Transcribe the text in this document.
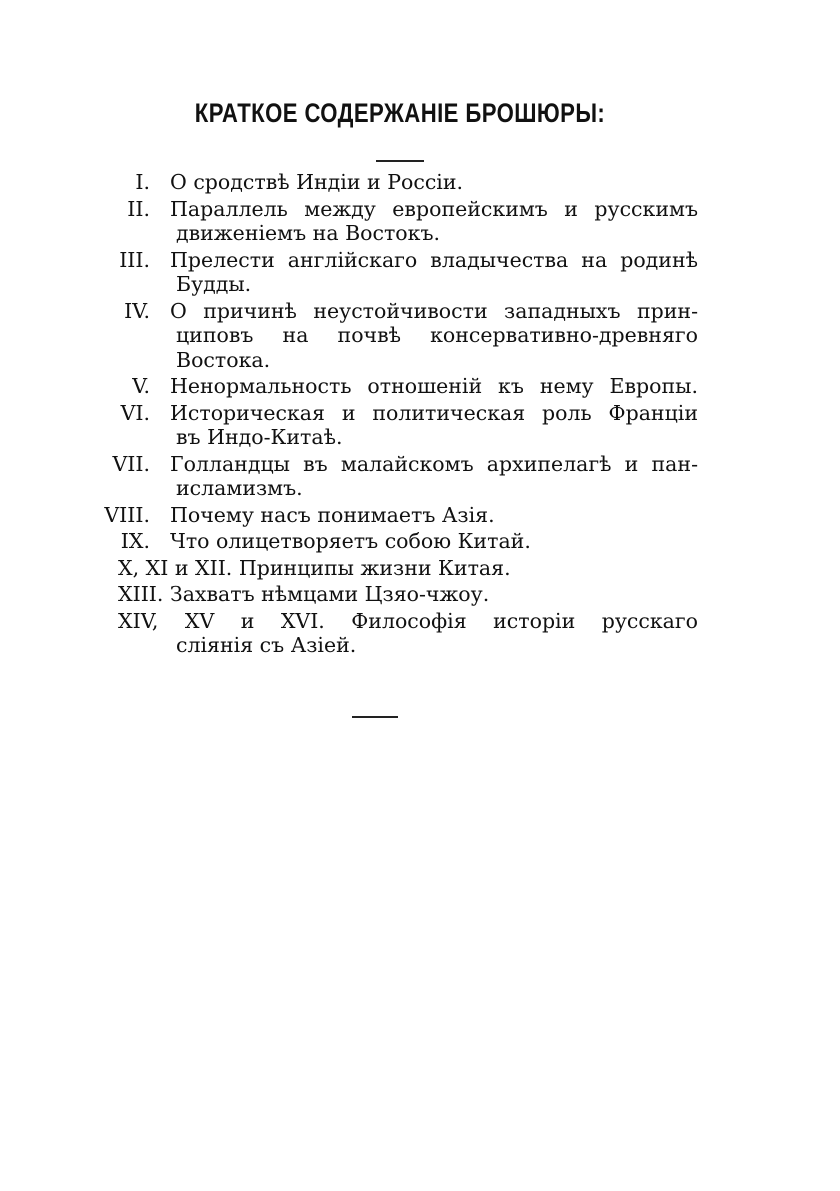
КРАТКОЕ СОДЕРЖАНІЕ БРОШЮРЫ:
I. О сродствѣ Индіи и Россіи.
II. Параллель между европейскимъ и русскимъ
движеніемъ на Востокъ.
III. Прелести англійскаго владычества на родинѣ
Будды.
IV. О причинѣ неустойчивости западныхъ прин-
циповъ на почвѣ консервативно-древняго
Востока.
V. Ненормальность отношеній къ нему Европы.
VI. Историческая и политическая роль Франціи
въ Индо-Китаѣ.
VII. Голландцы въ малайскомъ архипелагѣ и пан-
исламизмъ.
VIII. Почему насъ понимаетъ Азія.
IX. Что олицетворяетъ собою Китай.
X, XI и XII. Принципы жизни Китая.
XIII. Захватъ нѣмцами Цзяо-чжоу.
XIV, XV и XVI. Философія исторіи русскаго
слiянія съ Азіей.
